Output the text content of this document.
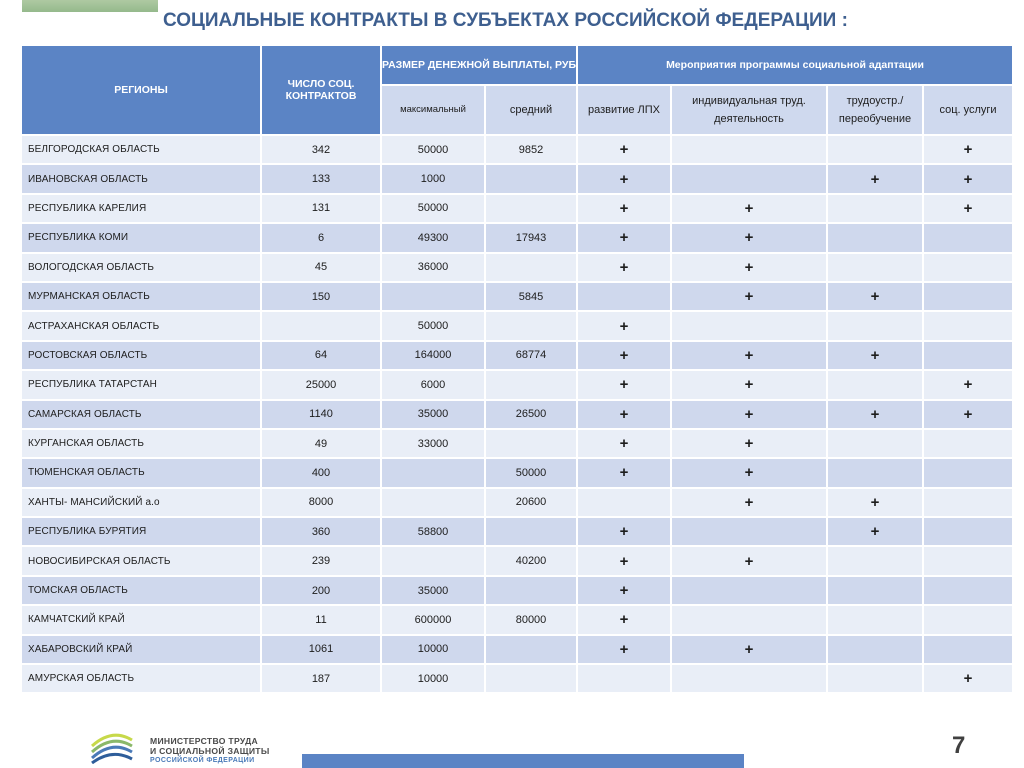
СОЦИАЛЬНЫЕ КОНТРАКТЫ В СУБЪЕКТАХ РОССИЙСКОЙ ФЕДЕРАЦИИ :
РЕГИОНЫ	ЧИСЛО СОЦ. КОНТРАКТОВ	РАЗМЕР ДЕНЕЖНОЙ ВЫПЛАТЫ, РУБ		Мероприятия программы социальной адаптации			
		максимальный	средний	развитие ЛПХ	индивидуальная труд. деятельность	трудоустр./ переобучение	соц. услуги
БЕЛГОРОДСКАЯ ОБЛАСТЬ	342	50000	9852	+			+
ИВАНОВСКАЯ ОБЛАСТЬ	133	1000		+		+	+
РЕСПУБЛИКА КАРЕЛИЯ	131	50000		+	+		+
РЕСПУБЛИКА КОМИ	6	49300	17943	+	+		
ВОЛОГОДСКАЯ ОБЛАСТЬ	45	36000		+	+		
МУРМАНСКАЯ ОБЛАСТЬ	150		5845		+	+	
АСТРАХАНСКАЯ ОБЛАСТЬ		50000		+			
РОСТОВСКАЯ ОБЛАСТЬ	64	164000	68774	+	+	+	
РЕСПУБЛИКА ТАТАРСТАН	25000	6000		+	+		+
САМАРСКАЯ ОБЛАСТЬ	1140	35000	26500	+	+	+	+
КУРГАНСКАЯ ОБЛАСТЬ	49	33000		+	+		
ТЮМЕНСКАЯ ОБЛАСТЬ	400		50000	+	+		
ХАНТЫ- МАНСИЙСКИЙ а.о	8000		20600		+	+	
РЕСПУБЛИКА БУРЯТИЯ	360	58800		+		+	
НОВОСИБИРСКАЯ ОБЛАСТЬ	239		40200	+	+		
ТОМСКАЯ ОБЛАСТЬ	200	35000		+			
КАМЧАТСКИЙ КРАЙ	11	600000	80000	+			
ХАБАРОВСКИЙ КРАЙ	1061	10000		+	+		
АМУРСКАЯ ОБЛАСТЬ	187	10000					+
МИНИСТЕРСТВО ТРУДА
И СОЦИАЛЬНОЙ ЗАЩИТЫ
РОССИЙСКОЙ ФЕДЕРАЦИИ
7
